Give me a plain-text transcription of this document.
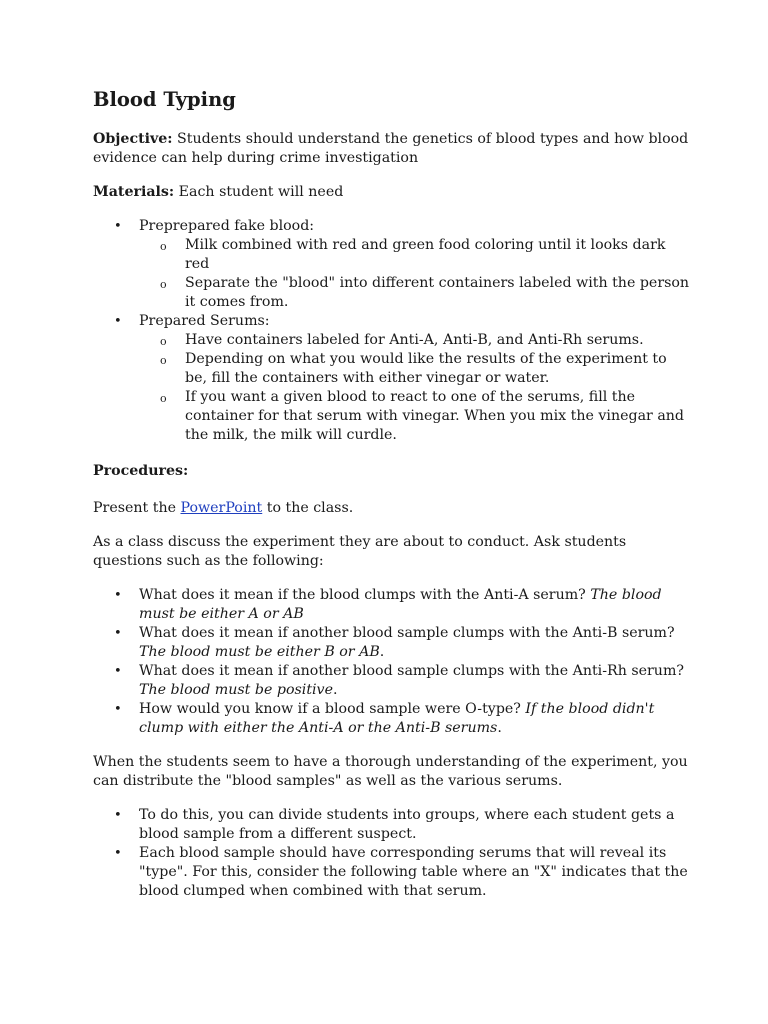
Blood Typing

Objective: Students should understand the genetics of blood types and how blood evidence can help during crime investigation

Materials: Each student will need

• Preprepared fake blood:
o Milk combined with red and green food coloring until it looks dark red
o Separate the "blood" into different containers labeled with the person it comes from.
• Prepared Serums:
o Have containers labeled for Anti-A, Anti-B, and Anti-Rh serums.
o Depending on what you would like the results of the experiment to be, fill the containers with either vinegar or water.
o If you want a given blood to react to one of the serums, fill the container for that serum with vinegar. When you mix the vinegar and the milk, the milk will curdle.

Procedures:

Present the PowerPoint to the class.

As a class discuss the experiment they are about to conduct. Ask students questions such as the following:

• What does it mean if the blood clumps with the Anti-A serum? The blood must be either A or AB
• What does it mean if another blood sample clumps with the Anti-B serum? The blood must be either B or AB.
• What does it mean if another blood sample clumps with the Anti-Rh serum? The blood must be positive.
• How would you know if a blood sample were O-type? If the blood didn't clump with either the Anti-A or the Anti-B serums.

When the students seem to have a thorough understanding of the experiment, you can distribute the "blood samples" as well as the various serums.

• To do this, you can divide students into groups, where each student gets a blood sample from a different suspect.
• Each blood sample should have corresponding serums that will reveal its "type". For this, consider the following table where an "X" indicates that the blood clumped when combined with that serum.
